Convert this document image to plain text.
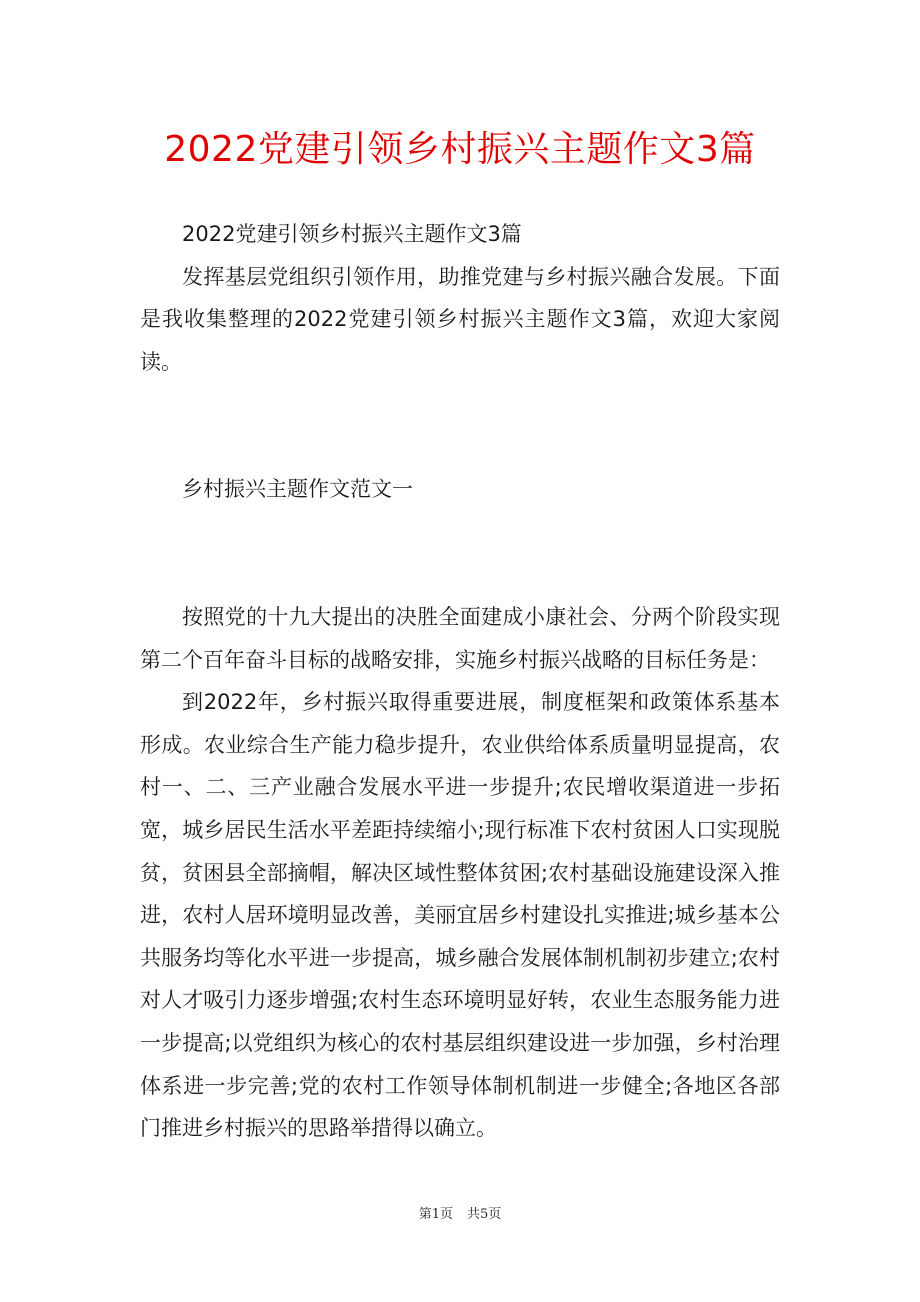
2022党建引领乡村振兴主题作文3篇

2022党建引领乡村振兴主题作文3篇

发挥基层党组织引领作用，助推党建与乡村振兴融合发展。下面是我收集整理的2022党建引领乡村振兴主题作文3篇，欢迎大家阅读。

乡村振兴主题作文范文一

按照党的十九大提出的决胜全面建成小康社会、分两个阶段实现第二个百年奋斗目标的战略安排，实施乡村振兴战略的目标任务是：

到2022年，乡村振兴取得重要进展，制度框架和政策体系基本形成。农业综合生产能力稳步提升，农业供给体系质量明显提高，农村一、二、三产业融合发展水平进一步提升;农民增收渠道进一步拓宽，城乡居民生活水平差距持续缩小;现行标准下农村贫困人口实现脱贫，贫困县全部摘帽，解决区域性整体贫困;农村基础设施建设深入推进，农村人居环境明显改善，美丽宜居乡村建设扎实推进;城乡基本公共服务均等化水平进一步提高，城乡融合发展体制机制初步建立;农村对人才吸引力逐步增强;农村生态环境明显好转，农业生态服务能力进一步提高;以党组织为核心的农村基层组织建设进一步加强，乡村治理体系进一步完善;党的农村工作领导体制机制进一步健全;各地区各部门推进乡村振兴的思路举措得以确立。

第1页 共5页
